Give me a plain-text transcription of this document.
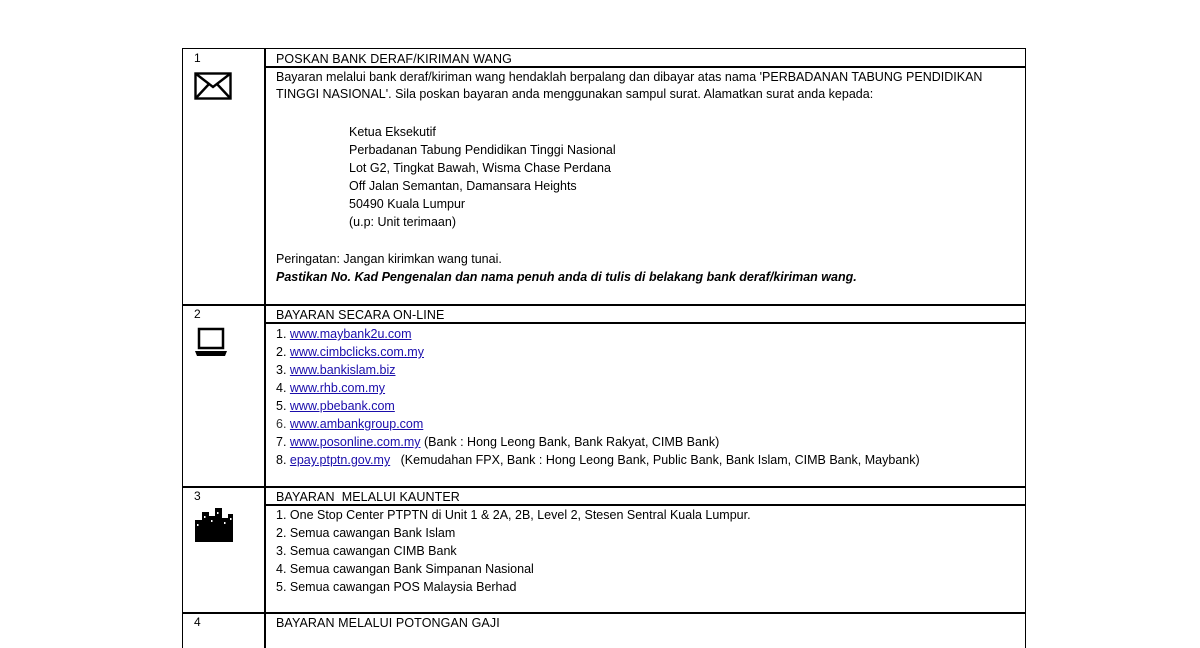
1	POSKAN BANK DERAF/KIRIMAN WANG
Bayaran melalui bank deraf/kiriman wang hendaklah berpalang dan dibayar atas nama 'PERBADANAN TABUNG PENDIDIKAN TINGGI NASIONAL'. Sila poskan bayaran anda menggunakan sampul surat. Alamatkan surat anda kepada:
Ketua Eksekutif
Perbadanan Tabung Pendidikan Tinggi Nasional
Lot G2, Tingkat Bawah, Wisma Chase Perdana
Off Jalan Semantan, Damansara Heights
50490 Kuala Lumpur
(u.p: Unit terimaan)
Peringatan: Jangan kirimkan wang tunai.
Pastikan No. Kad Pengenalan dan nama penuh anda di tulis di belakang bank deraf/kiriman wang.
2	BAYARAN SECARA ON-LINE
1. www.maybank2u.com
2. www.cimbclicks.com.my
3. www.bankislam.biz
4. www.rhb.com.my
5. www.pbebank.com
6. www.ambankgroup.com
7. www.posonline.com.my (Bank : Hong Leong Bank, Bank Rakyat, CIMB Bank)
8. epay.ptptn.gov.my   (Kemudahan FPX, Bank : Hong Leong Bank, Public Bank, Bank Islam, CIMB Bank, Maybank)
3	BAYARAN  MELALUI KAUNTER
1. One Stop Center PTPTN di Unit 1 & 2A, 2B, Level 2, Stesen Sentral Kuala Lumpur.
2. Semua cawangan Bank Islam
3. Semua cawangan CIMB Bank
4. Semua cawangan Bank Simpanan Nasional
5. Semua cawangan POS Malaysia Berhad
4	BAYARAN MELALUI POTONGAN GAJI
